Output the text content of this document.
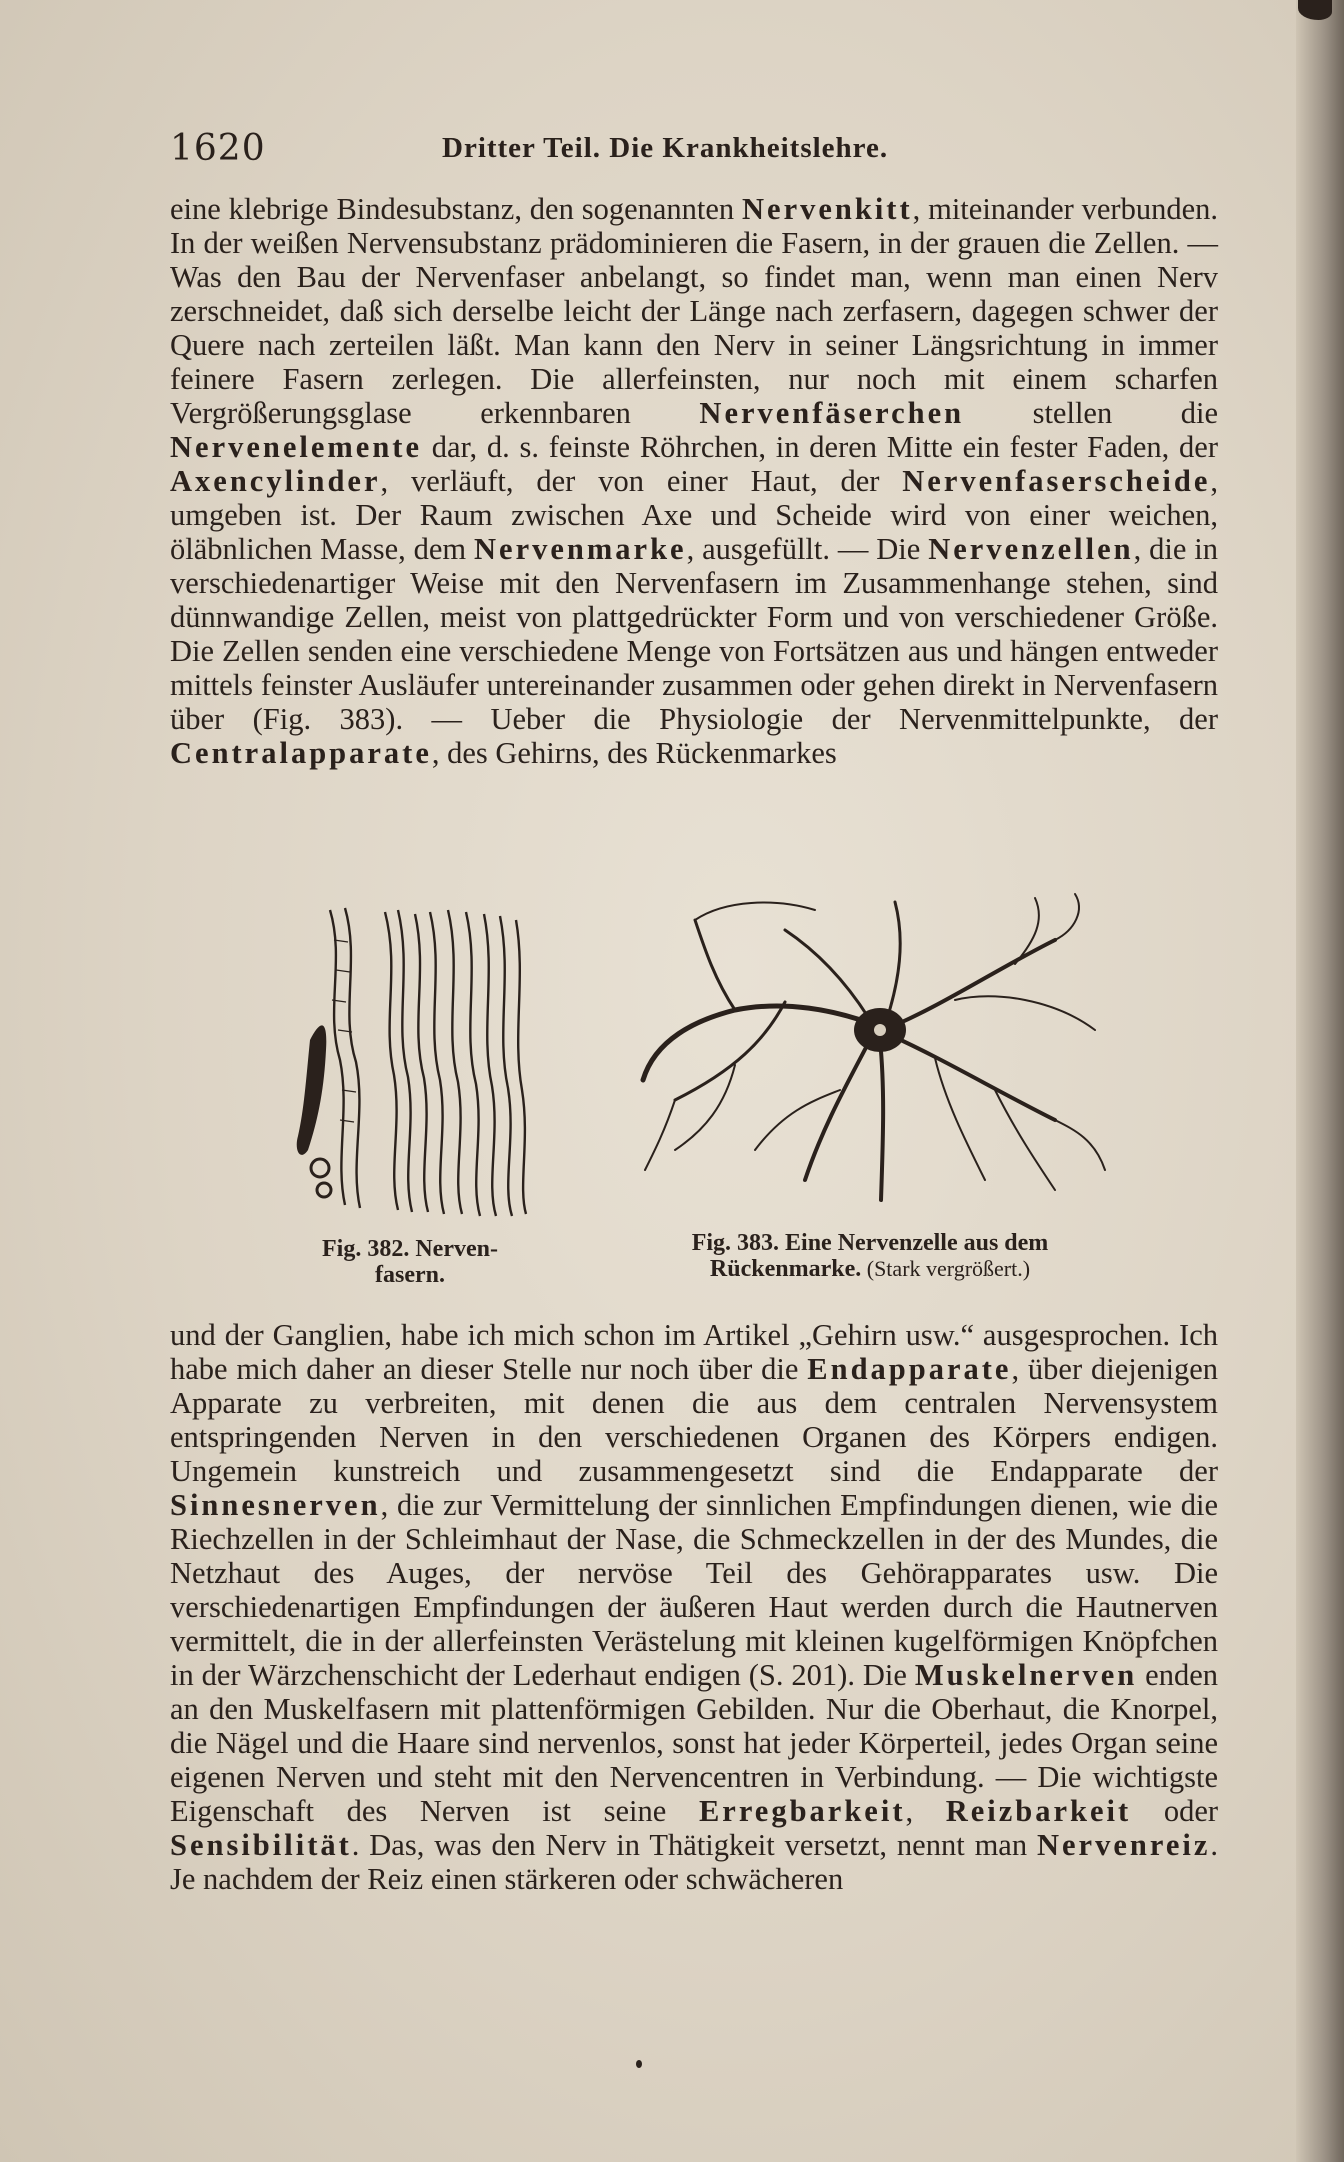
1620	Dritter Teil. Die Krankheitslehre.

eine klebrige Bindesubstanz, den sogenannten Nervenkitt, miteinander verbunden. In der weißen Nervensubstanz prädominieren die Fasern, in der grauen die Zellen. — Was den Bau der Nervenfaser anbelangt, so findet man, wenn man einen Nerv zerschneidet, daß sich derselbe leicht der Länge nach zerfasern, dagegen schwer der Quere nach zerteilen läßt. Man kann den Nerv in seiner Längsrichtung in immer feinere Fasern zerlegen. Die allerfeinsten, nur noch mit einem scharfen Vergrößerungsglase erkennbaren Nervenfäserchen stellen die Nervenelemente dar, d. s. feinste Röhrchen, in deren Mitte ein fester Faden, der Axencylinder, verläuft, der von einer Haut, der Nervenfaserscheide, umgeben ist. Der Raum zwischen Axe und Scheide wird von einer weichen, öläbnlichen Masse, dem Nervenmarke, ausgefüllt. — Die Nervenzellen, die in verschiedenartiger Weise mit den Nervenfasern im Zusammenhange stehen, sind dünnwandige Zellen, meist von plattgedrückter Form und von verschiedener Größe. Die Zellen senden eine verschiedene Menge von Fortsätzen aus und hängen entweder mittels feinster Ausläufer untereinander zusammen oder gehen direkt in Nervenfasern über (Fig. 383). — Ueber die Physiologie der Nervenmittelpunkte, der Centralapparate, des Gehirns, des Rückenmarkes

Fig. 382. Nerven-
fasern.
Fig. 383. Eine Nervenzelle aus dem
Rückenmarke. (Stark vergrößert.)

und der Ganglien, habe ich mich schon im Artikel „Gehirn usw.“ ausgesprochen. Ich habe mich daher an dieser Stelle nur noch über die Endapparate, über diejenigen Apparate zu verbreiten, mit denen die aus dem centralen Nervensystem entspringenden Nerven in den verschiedenen Organen des Körpers endigen. Ungemein kunstreich und zusammengesetzt sind die Endapparate der Sinnesnerven, die zur Vermittelung der sinnlichen Empfindungen dienen, wie die Riechzellen in der Schleimhaut der Nase, die Schmeckzellen in der des Mundes, die Netzhaut des Auges, der nervöse Teil des Gehörapparates usw. Die verschiedenartigen Empfindungen der äußeren Haut werden durch die Hautnerven vermittelt, die in der allerfeinsten Verästelung mit kleinen kugelförmigen Knöpfchen in der Wärzchenschicht der Lederhaut endigen (S. 201). Die Muskelnerven enden an den Muskelfasern mit plattenförmigen Gebilden. Nur die Oberhaut, die Knorpel, die Nägel und die Haare sind nervenlos, sonst hat jeder Körperteil, jedes Organ seine eigenen Nerven und steht mit den Nervencentren in Verbindung. — Die wichtigste Eigenschaft des Nerven ist seine Erregbarkeit, Reizbarkeit oder Sensibilität. Das, was den Nerv in Thätigkeit versetzt, nennt man Nervenreiz. Je nachdem der Reiz einen stärkeren oder schwächeren
